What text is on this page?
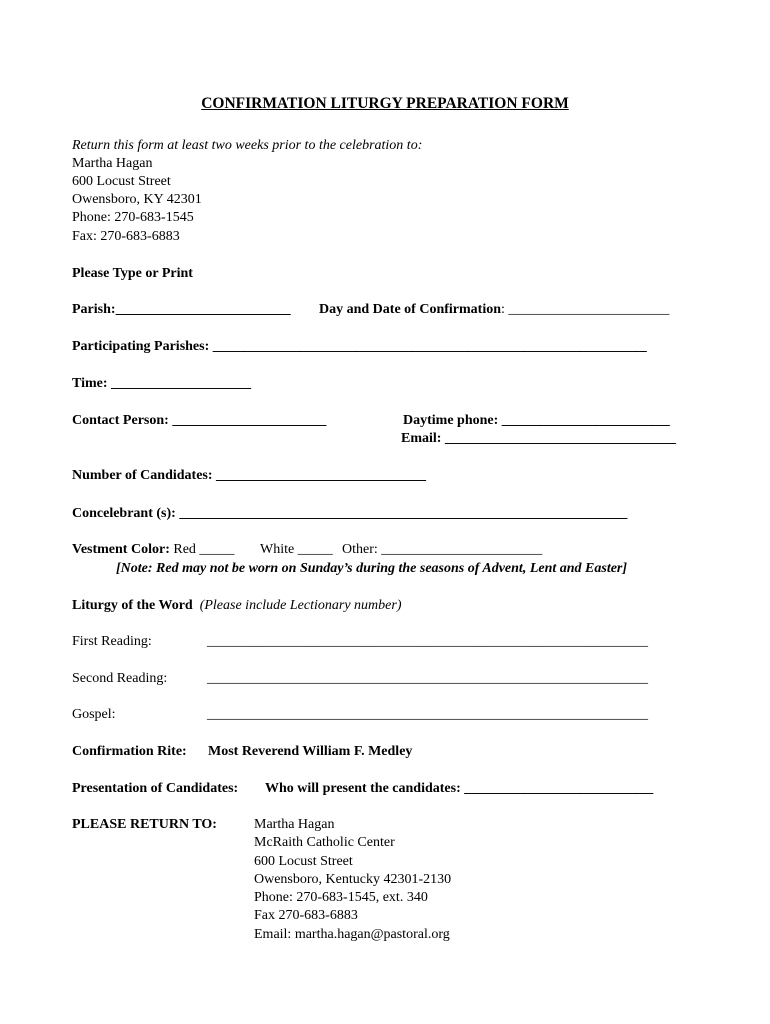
CONFIRMATION LITURGY PREPARATION FORM
Return this form at least two weeks prior to the celebration to:
Martha Hagan
600 Locust Street
Owensboro, KY 42301
Phone: 270-683-1545
Fax: 270-683-6883
Please Type or Print
Parish:_________________________ Day and Date of Confirmation: _______________________
Participating Parishes: ______________________________________________________________
Time: ____________________
Contact Person: ______________________	Daytime phone: ________________________
Email: _________________________________
Number of Candidates: ______________________________
Concelebrant (s): ________________________________________________________________
Vestment Color: Red _____ White _____ Other: _______________________
[Note: Red may not be worn on Sunday’s during the seasons of Advent, Lent and Easter]
Liturgy of the Word (Please include Lectionary number)
First Reading:	_______________________________________________________________
Second Reading:	_______________________________________________________________
Gospel:	_______________________________________________________________
Confirmation Rite: Most Reverend William F. Medley
Presentation of Candidates: Who will present the candidates: ___________________________
PLEASE RETURN TO:	Martha Hagan
McRaith Catholic Center
600 Locust Street
Owensboro, Kentucky 42301-2130
Phone: 270-683-1545, ext. 340
Fax 270-683-6883
Email: martha.hagan@pastoral.org
